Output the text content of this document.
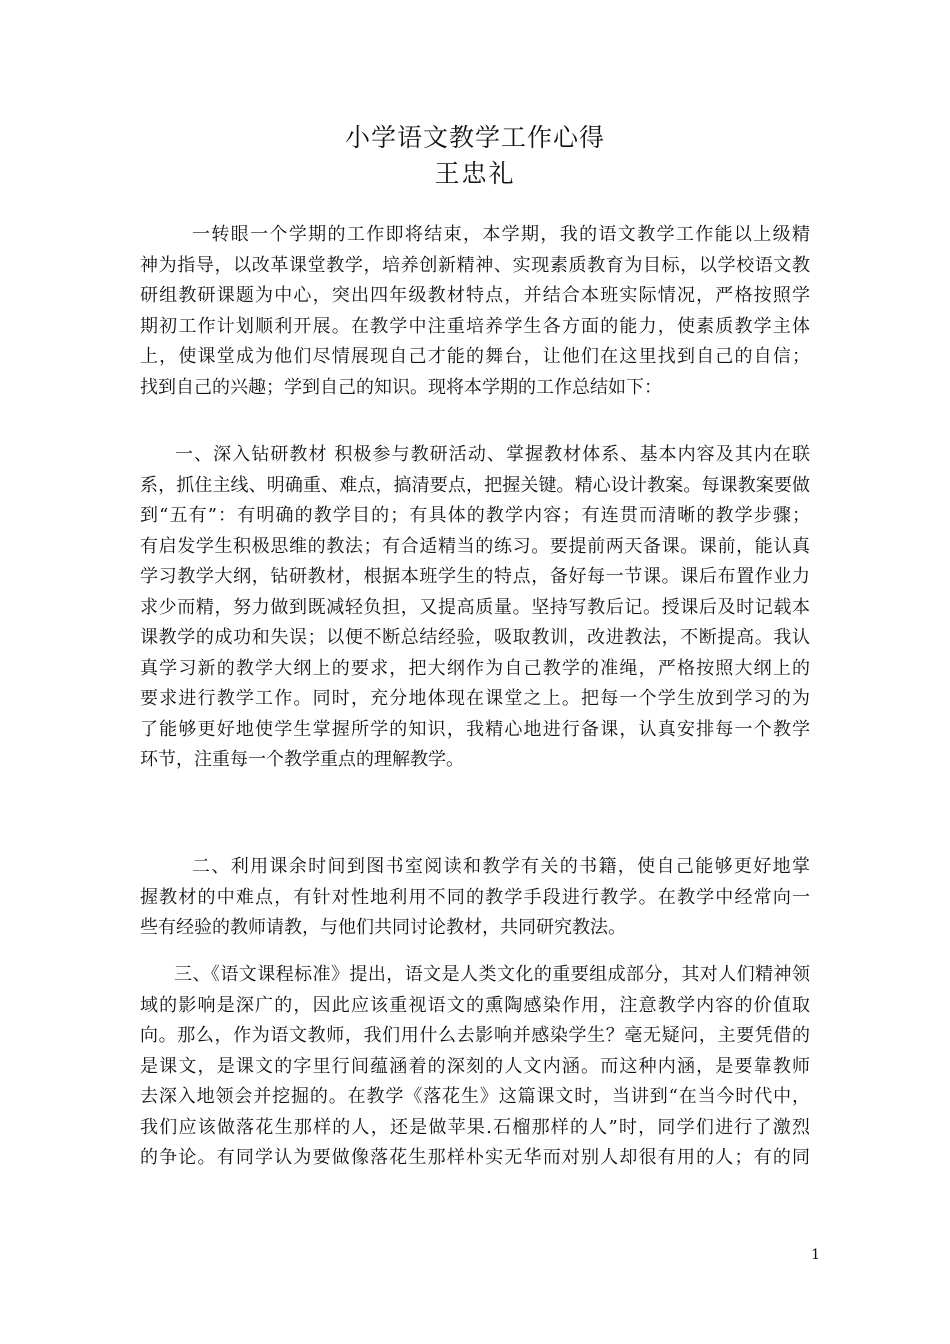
小学语文教学工作心得
王忠礼
一转眼一个学期的工作即将结束，本学期，我的语文教学工作能以上级精
神为指导，以改革课堂教学，培养创新精神、实现素质教育为目标，以学校语文教
研组教研课题为中心，突出四年级教材特点，并结合本班实际情况，严格按照学
期初工作计划顺利开展。在教学中注重培养学生各方面的能力，使素质教学主体
上，使课堂成为他们尽情展现自己才能的舞台，让他们在这里找到自己的自信；
找到自己的兴趣；学到自己的知识。现将本学期的工作总结如下：
一、深入钻研教材 积极参与教研活动、掌握教材体系、基本内容及其内在联
系，抓住主线、明确重、难点，搞清要点，把握关键。精心设计教案。每课教案要做
到“五有”：有明确的教学目的；有具体的教学内容；有连贯而清晰的教学步骤；
有启发学生积极思维的教法；有合适精当的练习。要提前两天备课。课前，能认真
学习教学大纲，钻研教材，根据本班学生的特点，备好每一节课。课后布置作业力
求少而精，努力做到既减轻负担，又提高质量。坚持写教后记。授课后及时记载本
课教学的成功和失误；以便不断总结经验，吸取教训，改进教法，不断提高。我认
真学习新的教学大纲上的要求，把大纲作为自己教学的准绳，严格按照大纲上的
要求进行教学工作。同时，充分地体现在课堂之上。把每一个学生放到学习的为
了能够更好地使学生掌握所学的知识，我精心地进行备课，认真安排每一个教学
环节，注重每一个教学重点的理解教学。
二、利用课余时间到图书室阅读和教学有关的书籍，使自己能够更好地掌
握教材的中难点，有针对性地利用不同的教学手段进行教学。在教学中经常向一
些有经验的教师请教，与他们共同讨论教材，共同研究教法。
三、《语文课程标准》提出，语文是人类文化的重要组成部分，其对人们精神领
域的影响是深广的，因此应该重视语文的熏陶感染作用，注意教学内容的价值取
向。那么，作为语文教师，我们用什么去影响并感染学生？毫无疑问，主要凭借的
是课文，是课文的字里行间蕴涵着的深刻的人文内涵。而这种内涵，是要靠教师
去深入地领会并挖掘的。在教学《落花生》这篇课文时，当讲到“在当今时代中，
我们应该做落花生那样的人，还是做苹果.石榴那样的人”时，同学们进行了激烈
的争论。有同学认为要做像落花生那样朴实无华而对别人却很有用的人；有的同
1
